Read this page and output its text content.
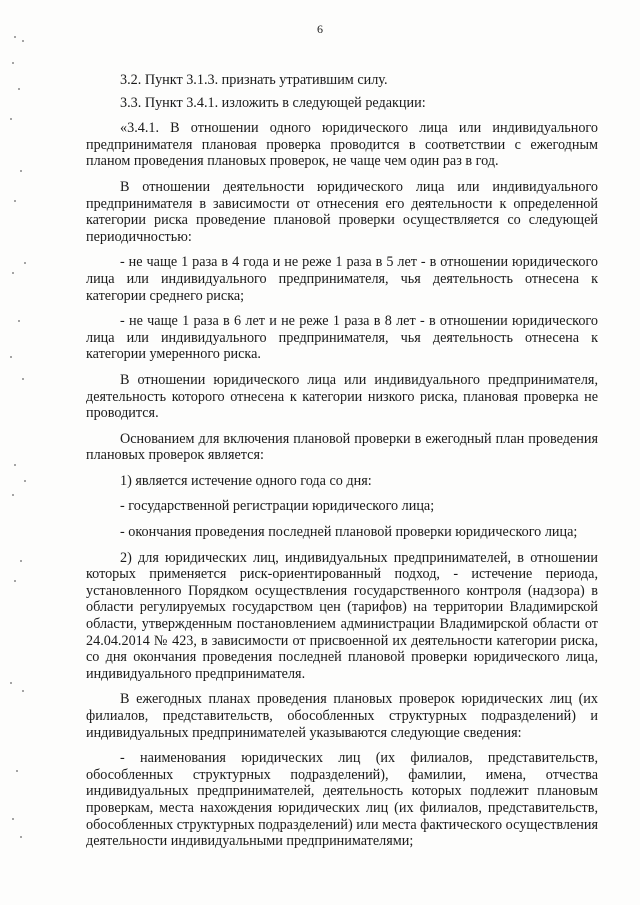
6

3.2. Пункт 3.1.3. признать утратившим силу.

3.3. Пункт 3.4.1. изложить в следующей редакции:

«3.4.1. В отношении одного юридического лица или индивидуального предпринимателя плановая проверка проводится в соответствии с ежегодным планом проведения плановых проверок, не чаще чем один раз в год.

В отношении деятельности юридического лица или индивидуального предпринимателя в зависимости от отнесения его деятельности к определенной категории риска проведение плановой проверки осуществляется со следующей периодичностью:

- не чаще 1 раза в 4 года и не реже 1 раза в 5 лет - в отношении юридического лица или индивидуального предпринимателя, чья деятельность отнесена к категории среднего риска;

- не чаще 1 раза в 6 лет и не реже 1 раза в 8 лет - в отношении юридического лица или индивидуального предпринимателя, чья деятельность отнесена к категории умеренного риска.

В отношении юридического лица или индивидуального предпринимателя, деятельность которого отнесена к категории низкого риска, плановая проверка не проводится.

Основанием для включения плановой проверки в ежегодный план проведения плановых проверок является:

1) является истечение одного года со дня:

- государственной регистрации юридического лица;

- окончания проведения последней плановой проверки юридического лица;

2) для юридических лиц, индивидуальных предпринимателей, в отношении которых применяется риск-ориентированный подход, - истечение периода, установленного Порядком осуществления государственного контроля (надзора) в области регулируемых государством цен (тарифов) на территории Владимирской области, утвержденным постановлением администрации Владимирской области от 24.04.2014 № 423, в зависимости от присвоенной их деятельности категории риска, со дня окончания проведения последней плановой проверки юридического лица, индивидуального предпринимателя.

В ежегодных планах проведения плановых проверок юридических лиц (их филиалов, представительств, обособленных структурных подразделений) и индивидуальных предпринимателей указываются следующие сведения:

- наименования юридических лиц (их филиалов, представительств, обособленных структурных подразделений), фамилии, имена, отчества индивидуальных предпринимателей, деятельность которых подлежит плановым проверкам, места нахождения юридических лиц (их филиалов, представительств, обособленных структурных подразделений) или места фактического осуществления деятельности индивидуальными предпринимателями;
